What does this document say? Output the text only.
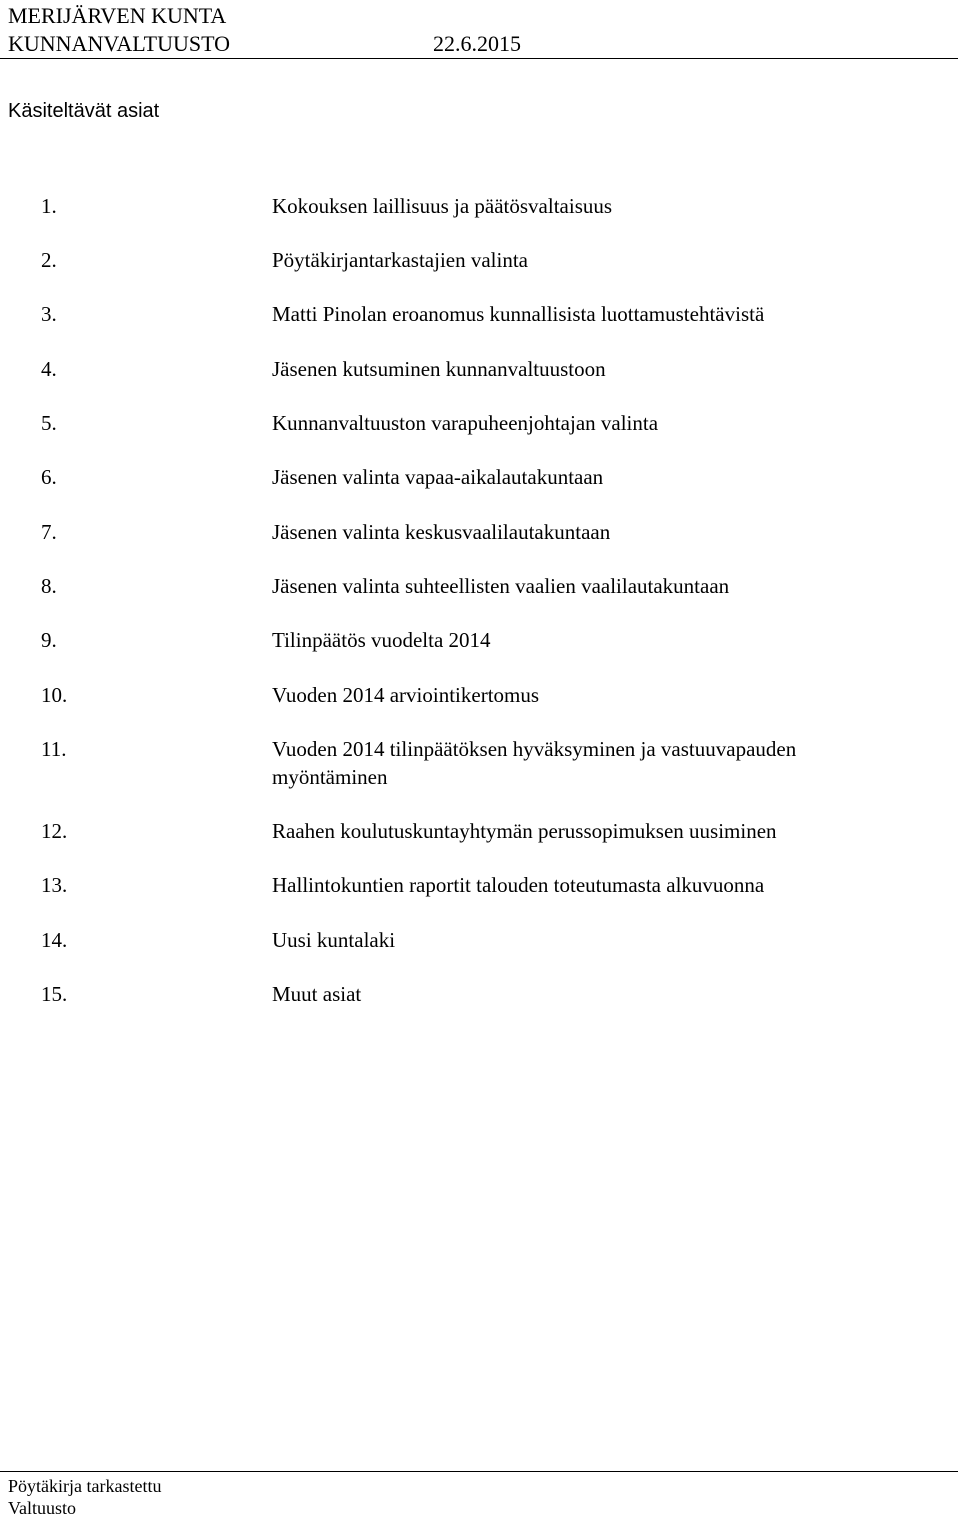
MERIJÄRVEN KUNTA
KUNNANVALTUUSTO	22.6.2015
Käsiteltävät asiat
1.	Kokouksen laillisuus ja päätösvaltaisuus
2.	Pöytäkirjantarkastajien valinta
3.	Matti Pinolan eroanomus kunnallisista luottamustehtävistä
4.	Jäsenen kutsuminen kunnanvaltuustoon
5.	Kunnanvaltuuston varapuheenjohtajan valinta
6.	Jäsenen valinta vapaa-aikalautakuntaan
7.	Jäsenen valinta keskusvaalilautakuntaan
8.	Jäsenen valinta suhteellisten vaalien vaalilautakuntaan
9.	Tilinpäätös vuodelta 2014
10.	Vuoden 2014 arviointikertomus
11.	Vuoden 2014 tilinpäätöksen hyväksyminen ja vastuuvapauden myöntäminen
12.	Raahen koulutuskuntayhtymän perussopimuksen uusiminen
13.	Hallintokuntien raportit talouden toteutumasta alkuvuonna
14.	Uusi kuntalaki
15.	Muut asiat
Pöytäkirja tarkastettu
Valtuusto
